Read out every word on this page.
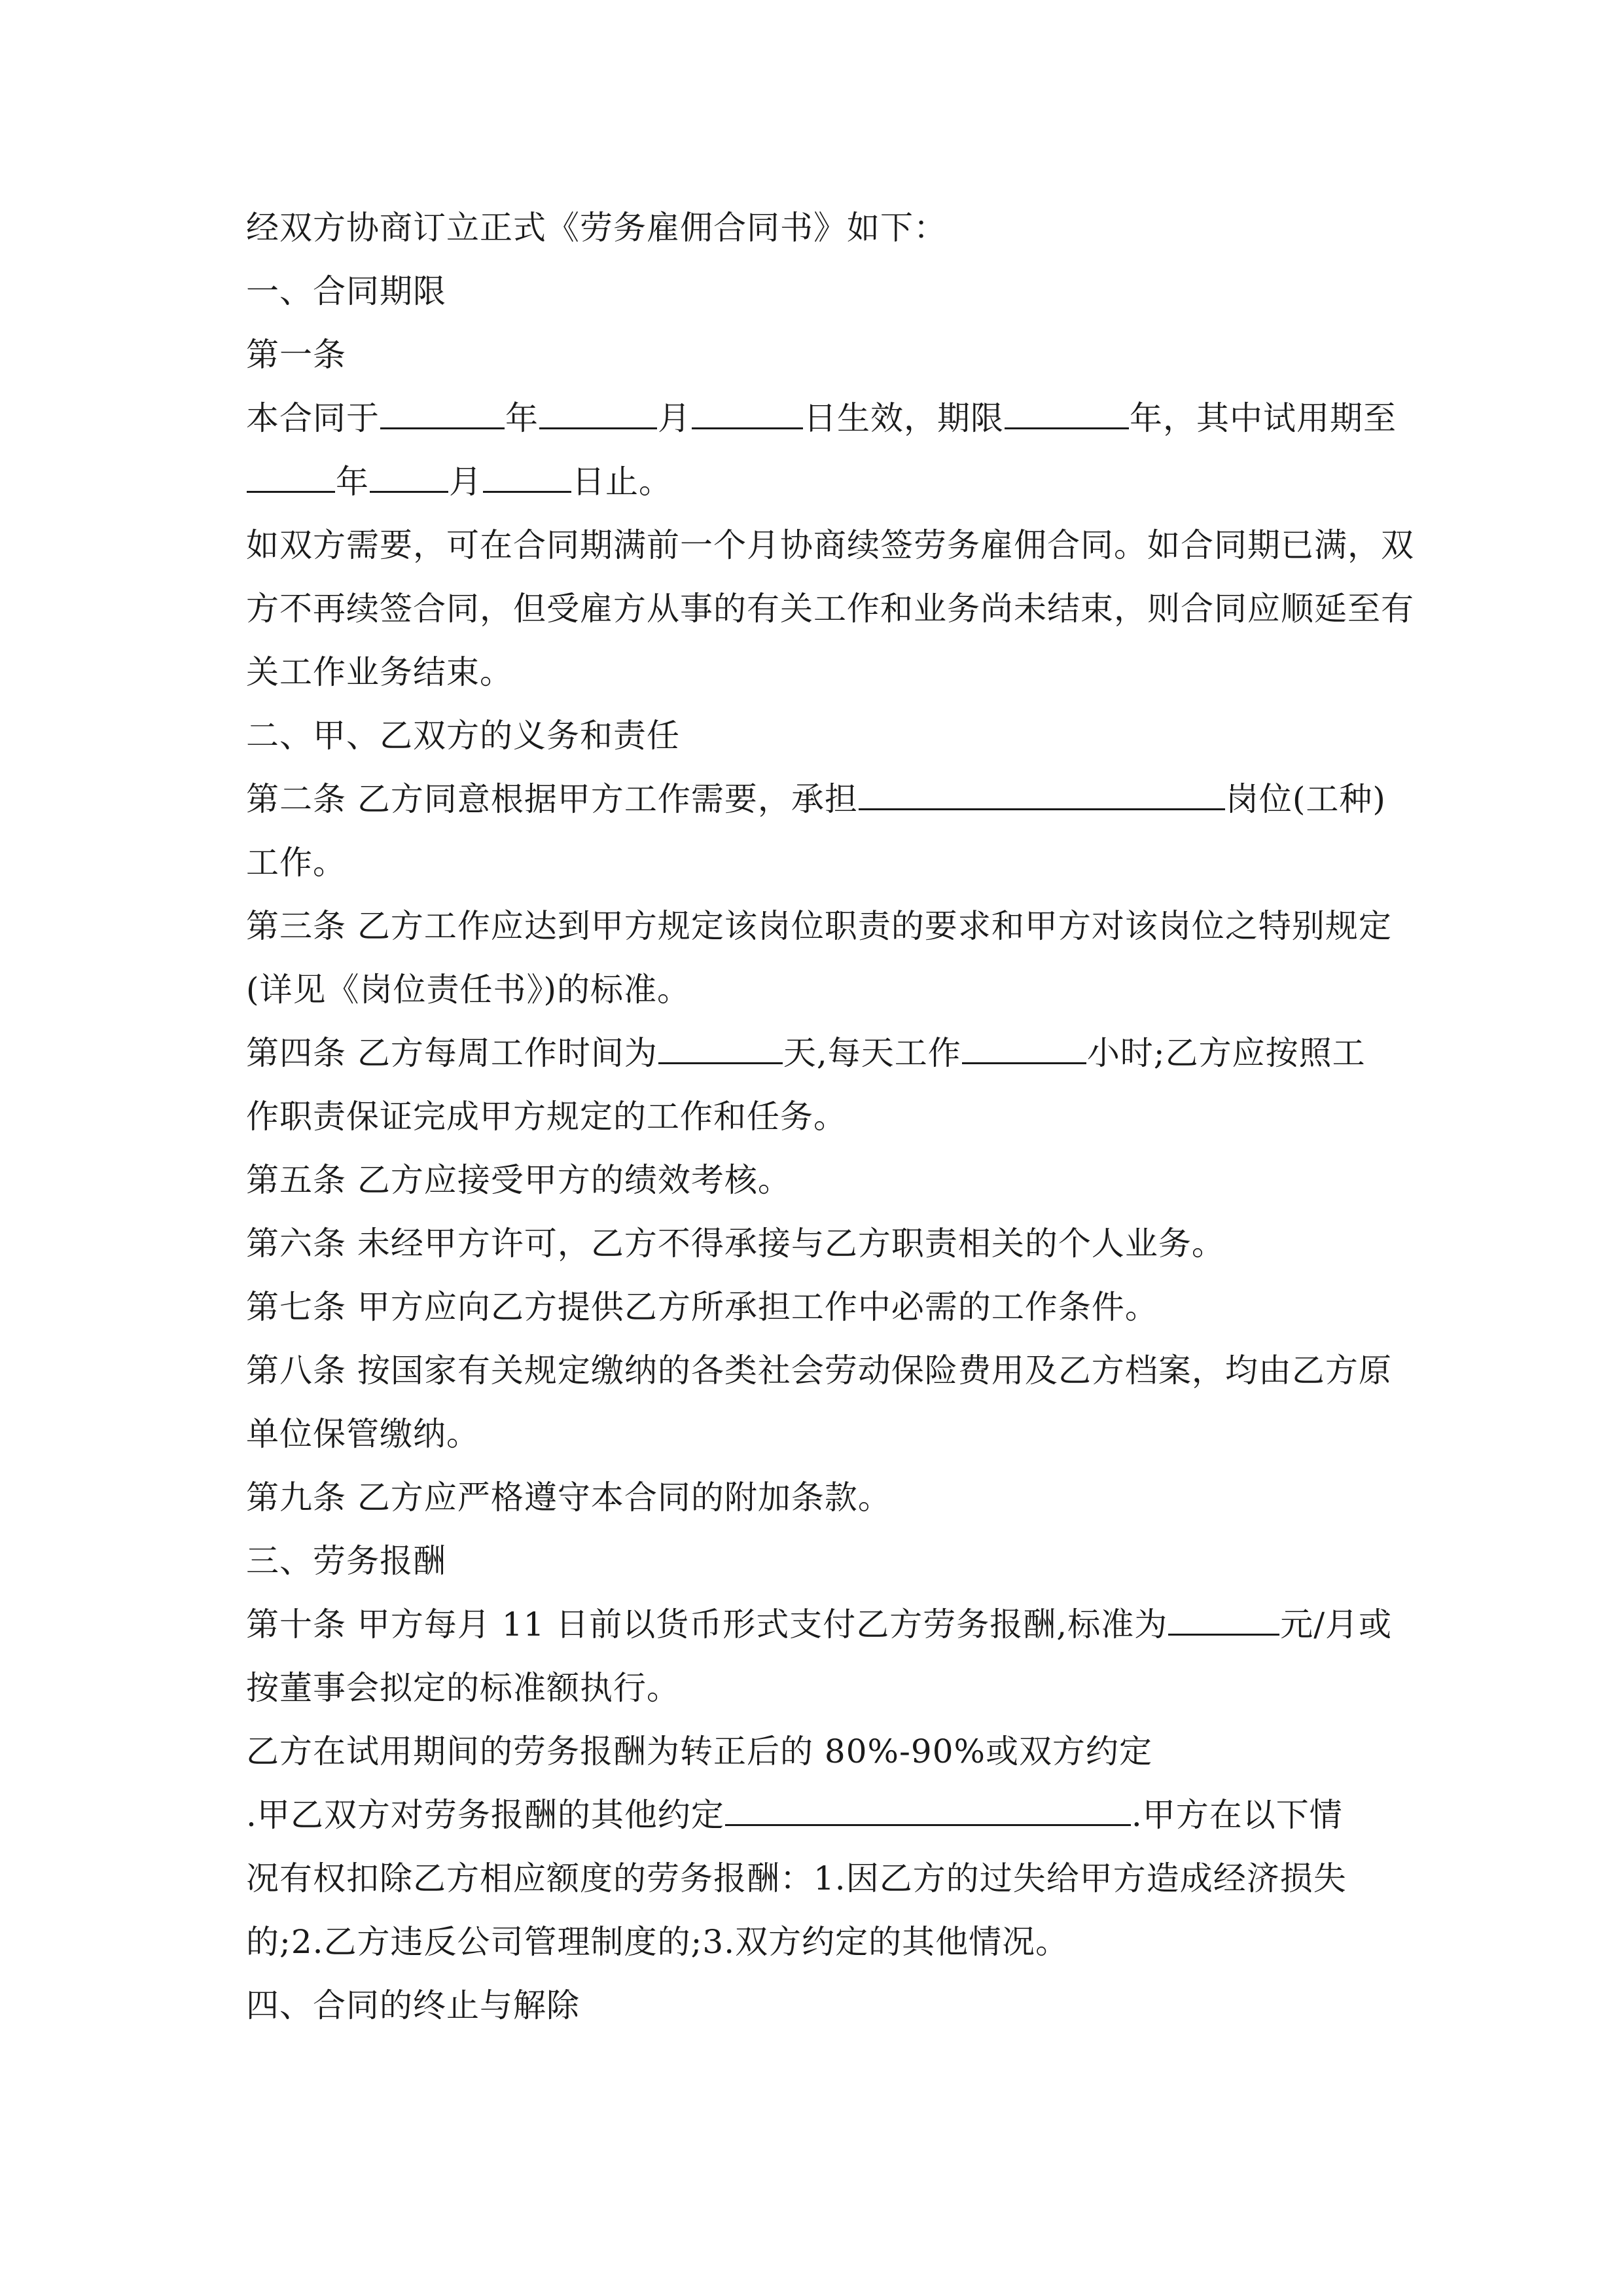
经双方协商订立正式《劳务雇佣合同书》如下：
一、合同期限
第一条
本合同于	年	月	日生效，期限	年，其中试用期至
年 月	日止。
如双方需要，可在合同期满前一个月协商续签劳务雇佣合同。如合同期已满，双
方不再续签合同，但受雇方从事的有关工作和业务尚未结束，则合同应顺延至有
关工作业务结束。
二、甲、乙双方的义务和责任
第二条 乙方同意根据甲方工作需要，承担	岗位(工种)
工作。
第三条 乙方工作应达到甲方规定该岗位职责的要求和甲方对该岗位之特别规定
(详见《岗位责任书》)的标准。
第四条 乙方每周工作时间为	天,每天工作	小时;乙方应按照工
作职责保证完成甲方规定的工作和任务。
第五条 乙方应接受甲方的绩效考核。
第六条 未经甲方许可，乙方不得承接与乙方职责相关的个人业务。
第七条 甲方应向乙方提供乙方所承担工作中必需的工作条件。
第八条 按国家有关规定缴纳的各类社会劳动保险费用及乙方档案，均由乙方原
单位保管缴纳。
第九条 乙方应严格遵守本合同的附加条款。
三、劳务报酬
第十条 甲方每月 11 日前以货币形式支付乙方劳务报酬,标准为	元/月或
按董事会拟定的标准额执行。
乙方在试用期间的劳务报酬为转正后的 80%-90%或双方约定
.甲乙双方对劳务报酬的其他约定	.甲方在以下情
况有权扣除乙方相应额度的劳务报酬：1.因乙方的过失给甲方造成经济损失
的;2.乙方违反公司管理制度的;3.双方约定的其他情况。
四、合同的终止与解除
